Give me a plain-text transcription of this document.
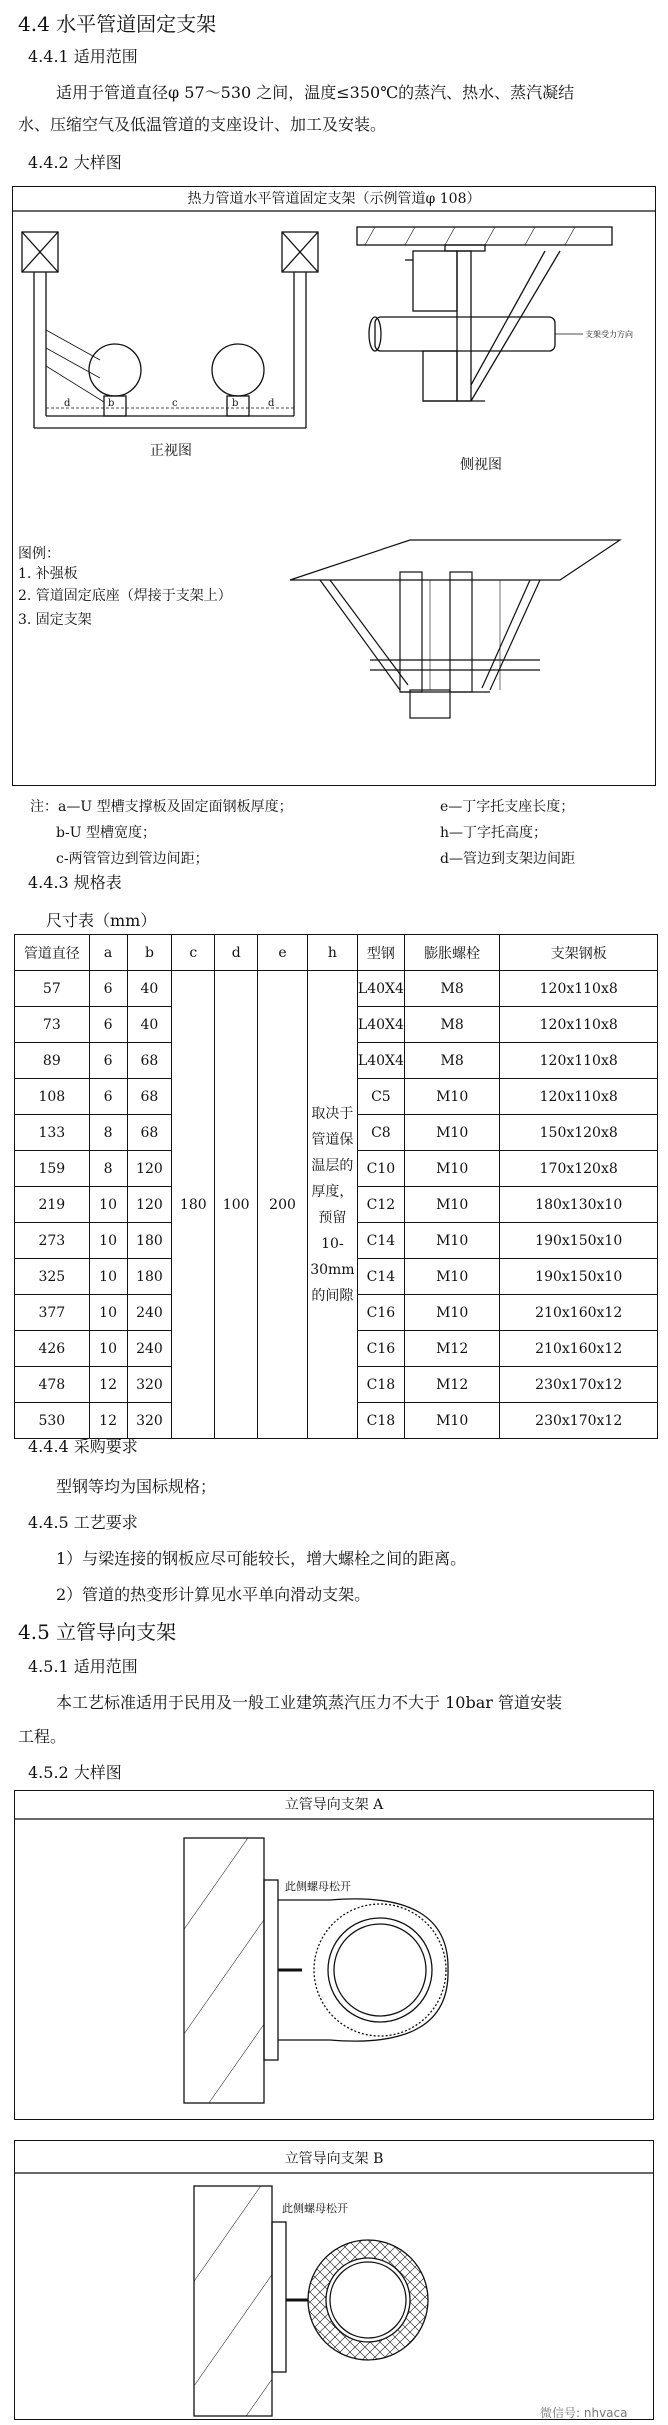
4.4 水平管道固定支架
4.4.1 适用范围
适用于管道直径φ 57～530 之间，温度≤350℃的蒸汽、热水、蒸汽凝结
水、压缩空气及低温管道的支座设计、加工及安装。
4.4.2 大样图
热力管道水平管道固定支架（示例管道φ 108）
d	b	c	b	d
正视图
支架受力方向
侧视图
图例：
1. 补强板
2. 管道固定底座（焊接于支架上）
3. 固定支架
注：a—U 型槽支撑板及固定面钢板厚度；
b-U 型槽宽度；
c-两管管边到管边间距；
e—丁字托支座长度；
h—丁字托高度；
d—管边到支架边间距
4.4.3 规格表
尺寸表（mm）
管道直径	a	b	c	d	e	h	型钢	膨胀螺栓	支架钢板
57	6	40	180	100	200	取决于管道保温层的厚度，预留10-30mm的间隙	L40X4	M8	120x110x8
73	6	40					L40X4	M8	120x110x8
89	6	68					L40X4	M8	120x110x8
108	6	68					C5	M10	120x110x8
133	8	68					C8	M10	150x120x8
159	8	120					C10	M10	170x120x8
219	10	120					C12	M10	180x130x10
273	10	180					C14	M10	190x150x10
325	10	180					C14	M10	190x150x10
377	10	240					C16	M10	210x160x12
426	10	240					C16	M12	210x160x12
478	12	320					C18	M12	230x170x12
530	12	320					C18	M10	230x170x12
4.4.4 采购要求
型钢等均为国标规格；
4.4.5 工艺要求
1）与梁连接的钢板应尽可能较长，增大螺栓之间的距离。
2）管道的热变形计算见水平单向滑动支架。
4.5 立管导向支架
4.5.1 适用范围
本工艺标准适用于民用及一般工业建筑蒸汽压力不大于 10bar 管道安装
工程。
4.5.2 大样图
立管导向支架 A
此侧螺母松开
立管导向支架 B
此侧螺母松开
微信号: nhvaca
